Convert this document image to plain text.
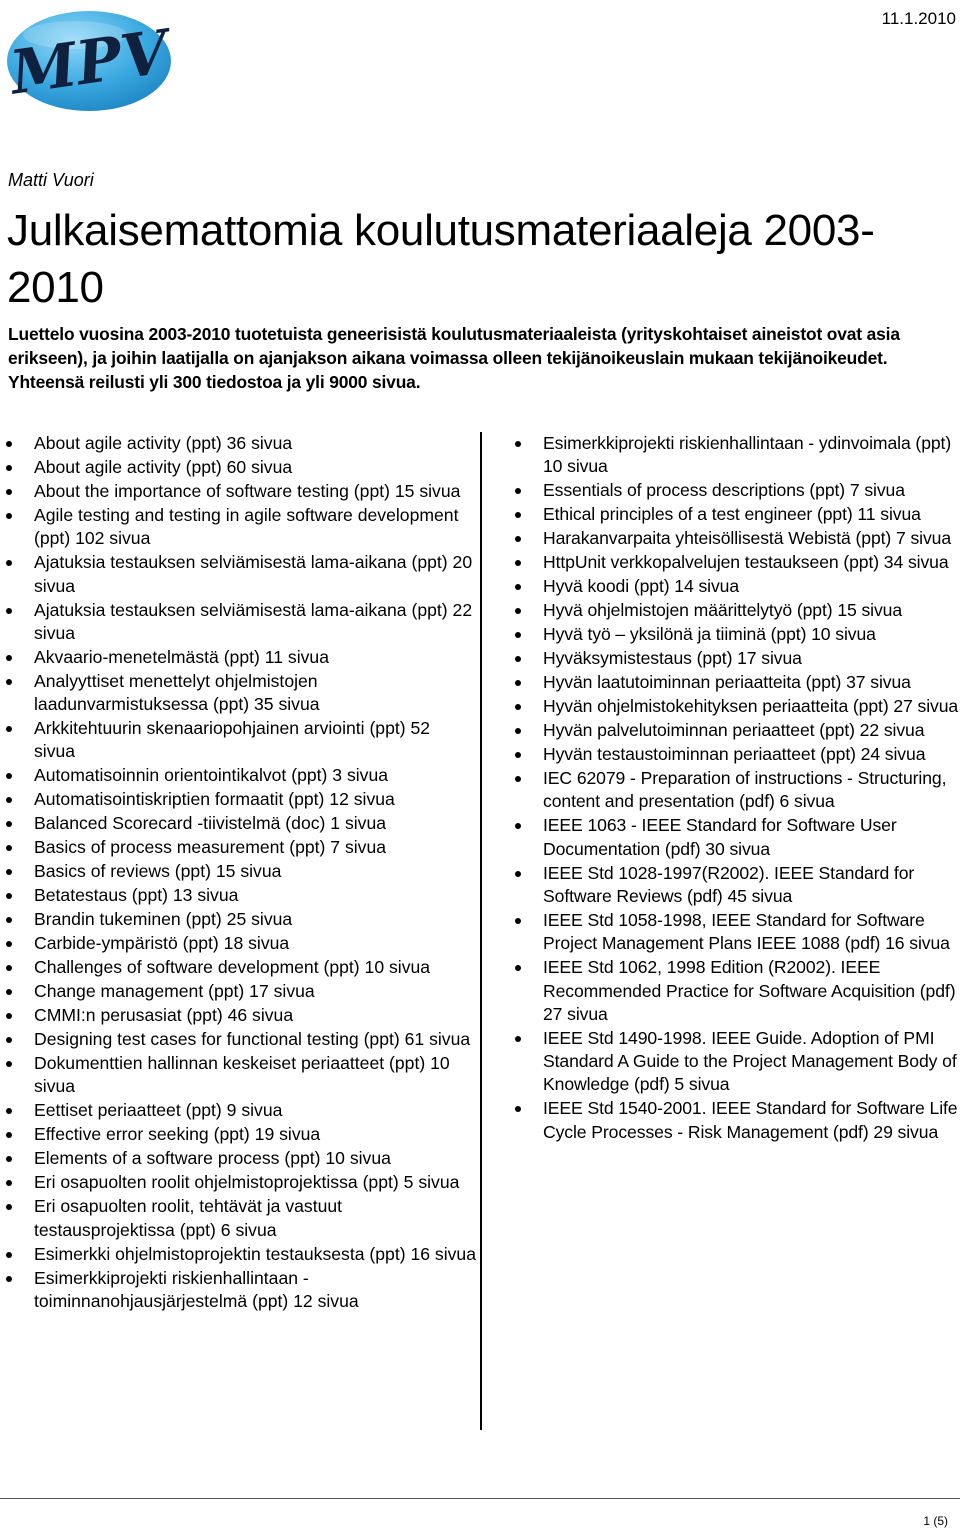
11.1.2010
MPV
Matti Vuori
Julkaisemattomia koulutusmateriaaleja 2003-2010

Luettelo vuosina 2003-2010 tuotetuista geneerisistä koulutusmateriaaleista (yrityskohtaiset aineistot ovat asia erikseen), ja joihin laatijalla on ajanjakson aikana voimassa olleen tekijänoikeuslain mukaan tekijänoikeudet. Yhteensä reilusti yli 300 tiedostoa ja yli 9000 sivua.

About agile activity (ppt) 36 sivua
About agile activity (ppt) 60 sivua
About the importance of software testing (ppt) 15 sivua
Agile testing and testing in agile software development (ppt) 102 sivua
Ajatuksia testauksen selviämisestä lama-aikana (ppt) 20 sivua
Ajatuksia testauksen selviämisestä lama-aikana (ppt) 22 sivua
Akvaario-menetelmästä (ppt) 11 sivua
Analyyttiset menettelyt ohjelmistojen laadunvarmistuksessa (ppt) 35 sivua
Arkkitehtuurin skenaariopohjainen arviointi (ppt) 52 sivua
Automatisoinnin orientointikalvot (ppt) 3 sivua
Automatisointiskriptien formaatit (ppt) 12 sivua
Balanced Scorecard -tiivistelmä (doc) 1 sivua
Basics of process measurement (ppt) 7 sivua
Basics of reviews (ppt) 15 sivua
Betatestaus (ppt) 13 sivua
Brandin tukeminen (ppt) 25 sivua
Carbide-ympäristö (ppt) 18 sivua
Challenges of software development (ppt) 10 sivua
Change management (ppt) 17 sivua
CMMI:n perusasiat (ppt) 46 sivua
Designing test cases for functional testing (ppt) 61 sivua
Dokumenttien hallinnan keskeiset periaatteet (ppt) 10 sivua
Eettiset periaatteet (ppt) 9 sivua
Effective error seeking (ppt) 19 sivua
Elements of a software process (ppt) 10 sivua
Eri osapuolten roolit ohjelmistoprojektissa (ppt) 5 sivua
Eri osapuolten roolit, tehtävät ja vastuut testausprojektissa (ppt) 6 sivua
Esimerkki ohjelmistoprojektin testauksesta (ppt) 16 sivua
Esimerkkiprojekti riskienhallintaan - toiminnanohjausjärjestelmä (ppt) 12 sivua
Esimerkkiprojekti riskienhallintaan - ydinvoimala (ppt) 10 sivua
Essentials of process descriptions (ppt) 7 sivua
Ethical principles of a test engineer (ppt) 11 sivua
Harakanvarpaita yhteisöllisestä Webistä (ppt) 7 sivua
HttpUnit verkkopalvelujen testaukseen (ppt) 34 sivua
Hyvä koodi (ppt) 14 sivua
Hyvä ohjelmistojen määrittelytyö (ppt) 15 sivua
Hyvä työ – yksilönä ja tiiminä (ppt) 10 sivua
Hyväksymistestaus (ppt) 17 sivua
Hyvän laatutoiminnan periaatteita (ppt) 37 sivua
Hyvän ohjelmistokehityksen periaatteita (ppt) 27 sivua
Hyvän palvelutoiminnan periaatteet (ppt) 22 sivua
Hyvän testaustoiminnan periaatteet (ppt) 24 sivua
IEC 62079 - Preparation of instructions - Structuring, content and presentation (pdf) 6 sivua
IEEE 1063 - IEEE Standard for Software User Documentation (pdf) 30 sivua
IEEE Std 1028-1997(R2002). IEEE Standard for Software Reviews (pdf) 45 sivua
IEEE Std 1058-1998, IEEE Standard for Software Project Management Plans IEEE 1088 (pdf) 16 sivua
IEEE Std 1062, 1998 Edition (R2002). IEEE Recommended Practice for Software Acquisition (pdf) 27 sivua
IEEE Std 1490-1998. IEEE Guide. Adoption of PMI Standard A Guide to the Project Management Body of Knowledge (pdf) 5 sivua
IEEE Std 1540-2001. IEEE Standard for Software Life Cycle Processes - Risk Management (pdf) 29 sivua
1 (5)
